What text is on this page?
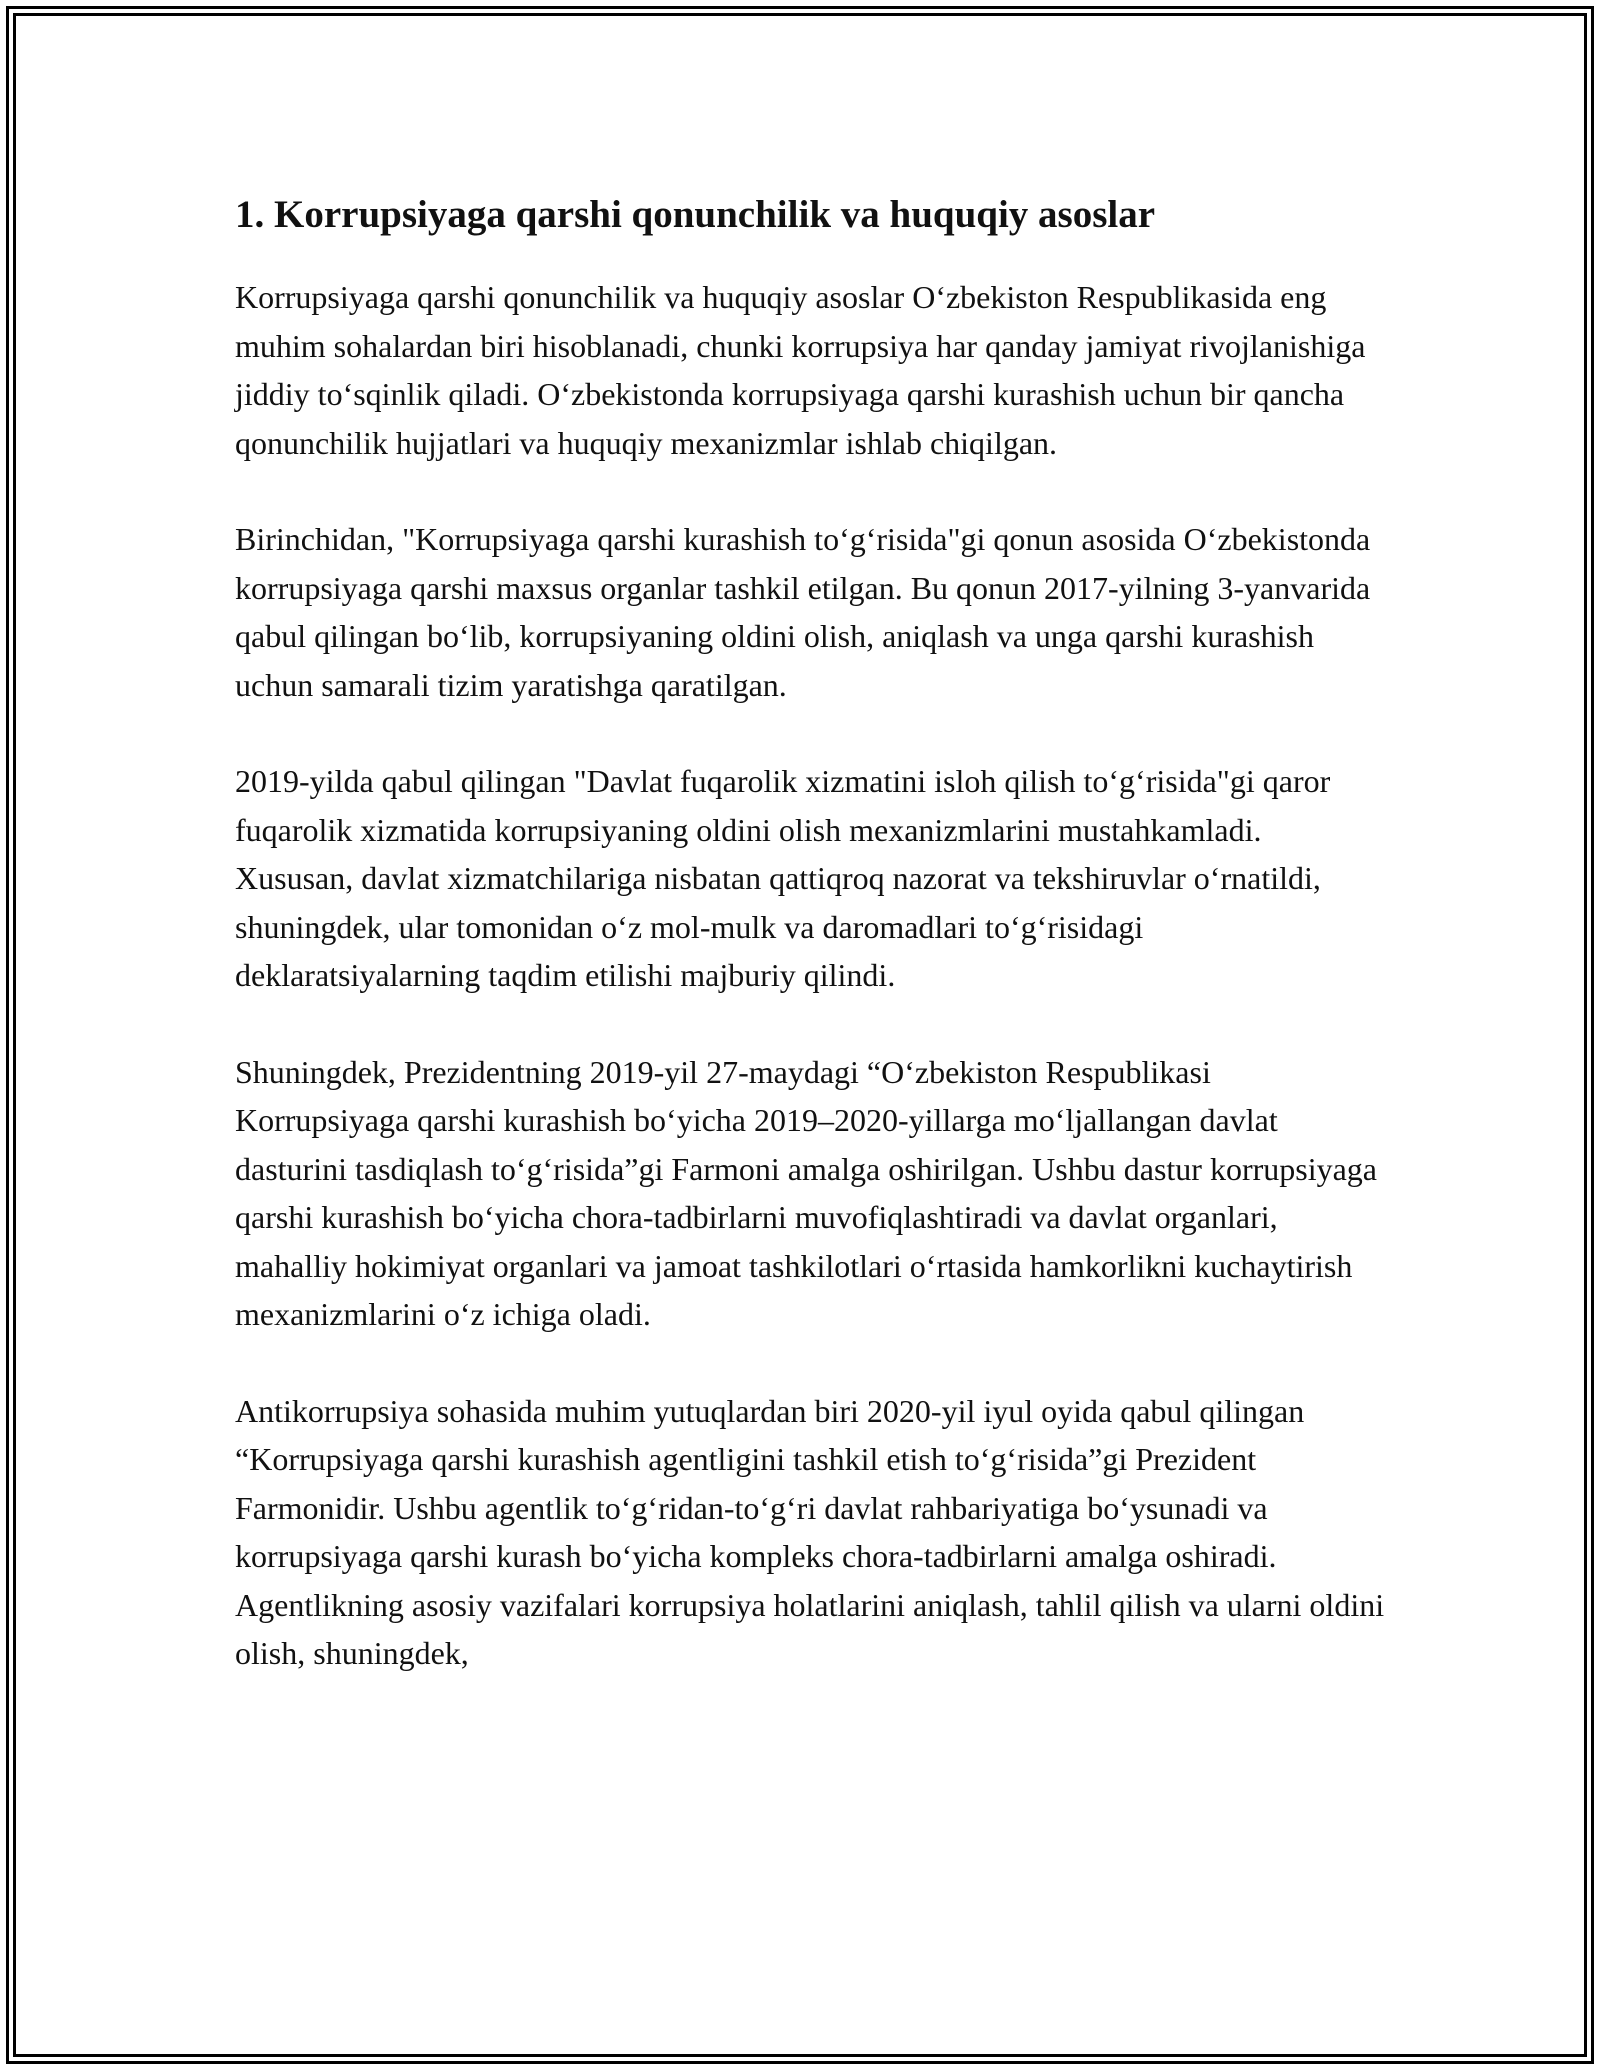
1. Korrupsiyaga qarshi qonunchilik va huquqiy asoslar

Korrupsiyaga qarshi qonunchilik va huquqiy asoslar O‘zbekiston Respublikasida eng muhim sohalardan biri hisoblanadi, chunki korrupsiya har qanday jamiyat rivojlanishiga jiddiy to‘sqinlik qiladi. O‘zbekistonda korrupsiyaga qarshi kurashish uchun bir qancha qonunchilik hujjatlari va huquqiy mexanizmlar ishlab chiqilgan.

Birinchidan, "Korrupsiyaga qarshi kurashish to‘g‘risida"gi qonun asosida O‘zbekistonda korrupsiyaga qarshi maxsus organlar tashkil etilgan. Bu qonun 2017-yilning 3-yanvarida qabul qilingan bo‘lib, korrupsiyaning oldini olish, aniqlash va unga qarshi kurashish uchun samarali tizim yaratishga qaratilgan.

2019-yilda qabul qilingan "Davlat fuqarolik xizmatini isloh qilish to‘g‘risida"gi qaror fuqarolik xizmatida korrupsiyaning oldini olish mexanizmlarini mustahkamladi. Xususan, davlat xizmatchilariga nisbatan qattiqroq nazorat va tekshiruvlar o‘rnatildi, shuningdek, ular tomonidan o‘z mol-mulk va daromadlari to‘g‘risidagi deklaratsiyalarning taqdim etilishi majburiy qilindi.

Shuningdek, Prezidentning 2019-yil 27-maydagi “O‘zbekiston Respublikasi Korrupsiyaga qarshi kurashish bo‘yicha 2019–2020-yillarga mo‘ljallangan davlat dasturini tasdiqlash to‘g‘risida”gi Farmoni amalga oshirilgan. Ushbu dastur korrupsiyaga qarshi kurashish bo‘yicha chora-tadbirlarni muvofiqlashtiradi va davlat organlari, mahalliy hokimiyat organlari va jamoat tashkilotlari o‘rtasida hamkorlikni kuchaytirish mexanizmlarini o‘z ichiga oladi.

Antikorrupsiya sohasida muhim yutuqlardan biri 2020-yil iyul oyida qabul qilingan “Korrupsiyaga qarshi kurashish agentligini tashkil etish to‘g‘risida”gi Prezident Farmonidir. Ushbu agentlik to‘g‘ridan-to‘g‘ri davlat rahbariyatiga bo‘ysunadi va korrupsiyaga qarshi kurash bo‘yicha kompleks chora-tadbirlarni amalga oshiradi. Agentlikning asosiy vazifalari korrupsiya holatlarini aniqlash, tahlil qilish va ularni oldini olish, shuningdek,
